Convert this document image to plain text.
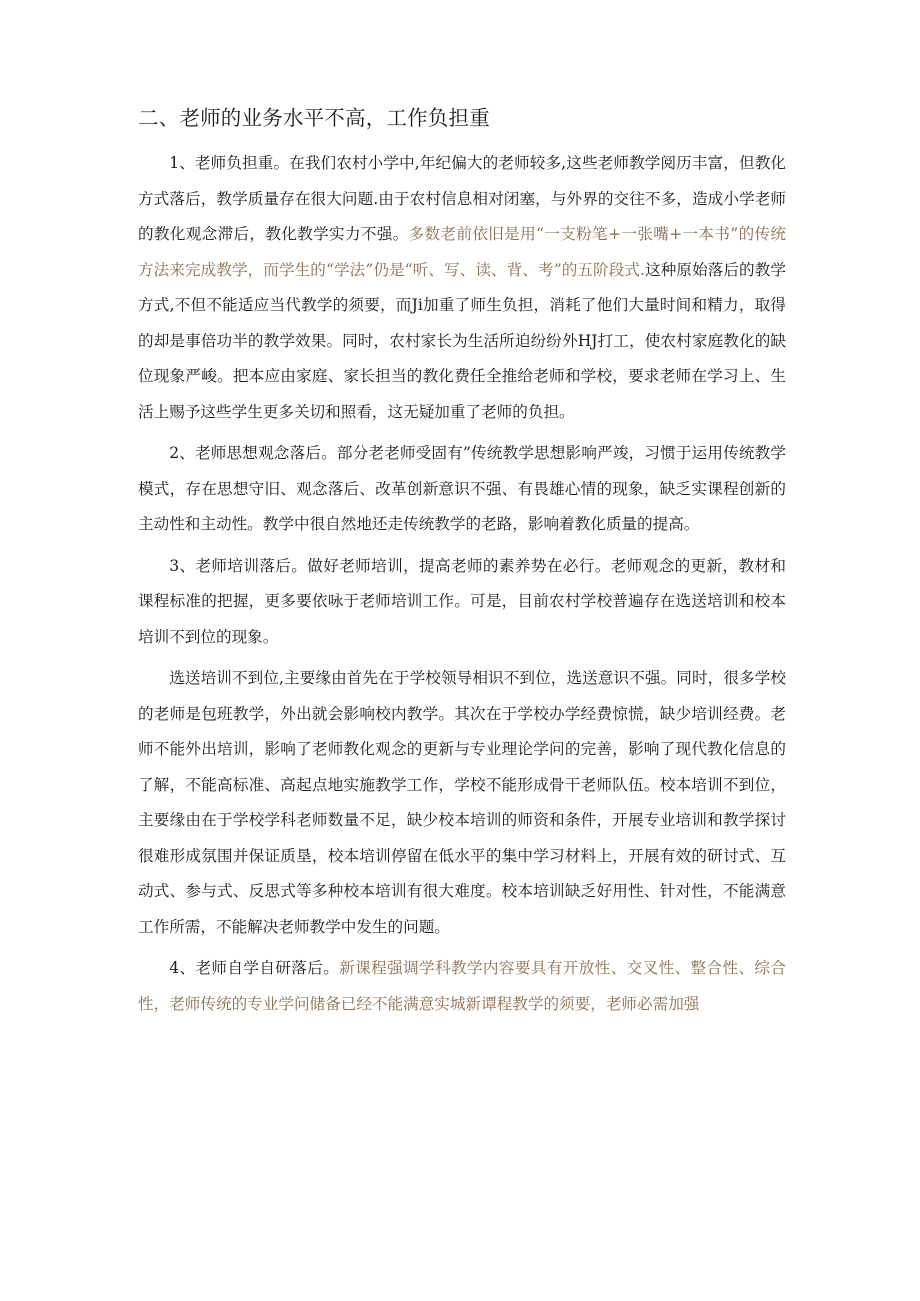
二、老师的业务水平不高，工作负担重

1、老师负担重。在我们农村小学中,年纪偏大的老师较多,这些老师教学阅历丰富，但教化方式落后，教学质量存在很大问题.由于农村信息相对闭塞，与外界的交往不多，造成小学老师的教化观念滞后，教化教学实力不强。多数老前依旧是用“一支粉笔+一张嘴+一本书”的传统方法来完成教学，而学生的“学法”仍是“听、写、读、背、考”的五阶段式.这种原始落后的教学方式,不但不能适应当代教学的须要，而Ji加重了师生负担，消耗了他们大量时间和精力，取得的却是事倍功半的教学效果。同时，农村家长为生活所迫纷纷外HJ打工，使农村家庭教化的缺位现象严峻。把本应由家庭、家长担当的教化费任全推给老师和学校，要求老师在学习上、生活上赐予这些学生更多关切和照看，这无疑加重了老师的负担。

2、老师思想观念落后。部分老老师受固有”传统教学思想影响严竣，习惯于运用传统教学模式，存在思想守旧、观念落后、改革创新意识不强、有畏雄心情的现象，缺乏实课程创新的主动性和主动性。教学中很自然地还走传统教学的老路，影响着教化质量的提高。

3、老师培训落后。做好老师培训，提高老师的素养势在必行。老师观念的更新，教材和课程标准的把握，更多要依咏于老师培训工作。可是，目前农村学校普遍存在选送培训和校本培训不到位的现象。

选送培训不到位,主要缘由首先在于学校领导相识不到位，选送意识不强。同时，很多学校的老师是包班教学，外出就会影响校内教学。其次在于学校办学经费惊慌，缺少培训经费。老师不能外出培训，影响了老师教化观念的更新与专业理论学问的完善，影响了现代教化信息的了解，不能高标准、高起点地实施教学工作，学校不能形成骨干老师队伍。校本培训不到位，主要缘由在于学校学科老师数量不足，缺少校本培训的师资和条件，开展专业培训和教学探讨很难形成氛围并保证质垦，校本培训停留在低水平的集中学习材料上，开展有效的研讨式、互动式、参与式、反思式等多种校本培训有很大难度。校本培训缺乏好用性、针对性，不能满意工作所需，不能解决老师教学中发生的问题。

4、老师自学自研落后。新课程强调学科教学内容要具有开放性、交叉性、整合性、综合性，老师传统的专业学问储备已经不能满意实城新谭程教学的须要，老师必需加强
